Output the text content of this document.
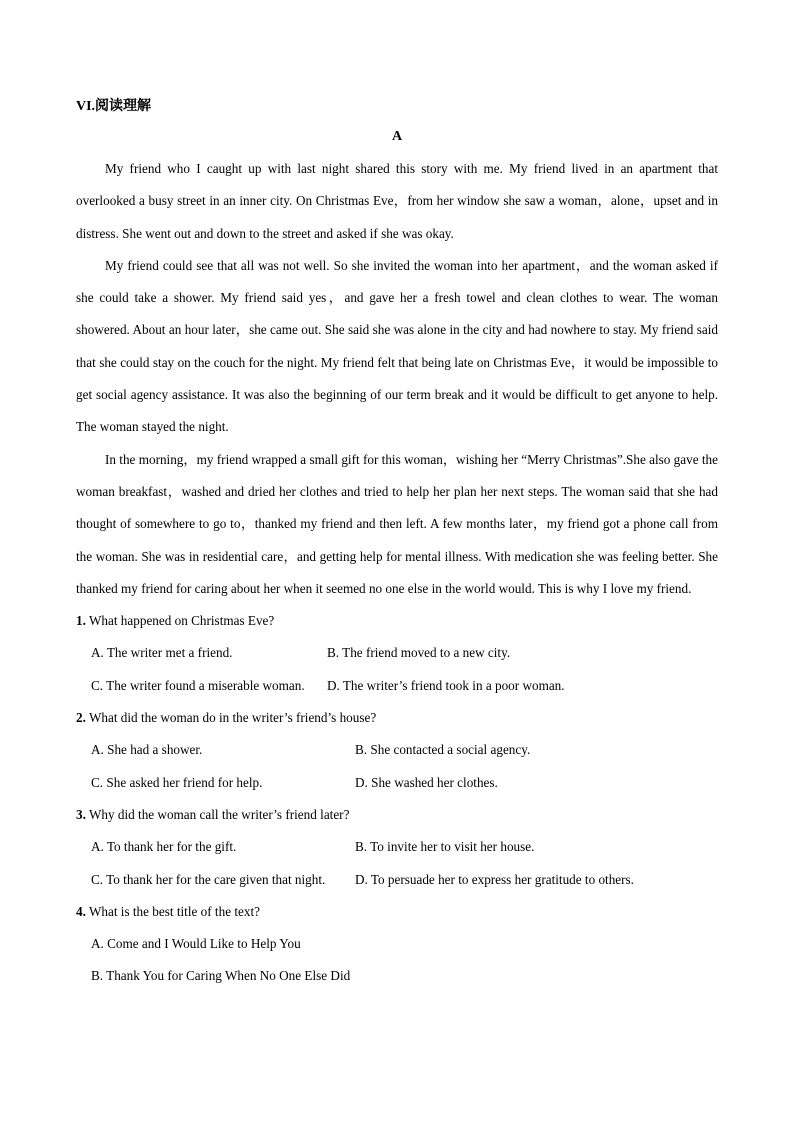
VI.阅读理解

A

My friend who I caught up with last night shared this story with me. My friend lived in an apartment that overlooked a busy street in an inner city. On Christmas Eve，from her window she saw a woman，alone，upset and in distress. She went out and down to the street and asked if she was okay.

My friend could see that all was not well. So she invited the woman into her apartment，and the woman asked if she could take a shower. My friend said yes，and gave her a fresh towel and clean clothes to wear. The woman showered. About an hour later，she came out. She said she was alone in the city and had nowhere to stay. My friend said that she could stay on the couch for the night. My friend felt that being late on Christmas Eve，it would be impossible to get social agency assistance. It was also the beginning of our term break and it would be difficult to get anyone to help. The woman stayed the night.

In the morning，my friend wrapped a small gift for this woman，wishing her “Merry Christmas”.She also gave the woman breakfast，washed and dried her clothes and tried to help her plan her next steps. The woman said that she had thought of somewhere to go to，thanked my friend and then left. A few months later，my friend got a phone call from the woman. She was in residential care，and getting help for mental illness. With medication she was feeling better. She thanked my friend for caring about her when it seemed no one else in the world would. This is why I love my friend.

1. What happened on Christmas Eve?

A. The writer met a friend.	B. The friend moved to a new city.
C. The writer found a miserable woman.	D. The writer’s friend took in a poor woman.

2. What did the woman do in the writer’s friend’s house?

A. She had a shower.	B. She contacted a social agency.
C. She asked her friend for help.	D. She washed her clothes.

3. Why did the woman call the writer’s friend later?

A. To thank her for the gift.	B. To invite her to visit her house.
C. To thank her for the care given that night.	D. To persuade her to express her gratitude to others.

4. What is the best title of the text?

A. Come and I Would Like to Help You
B. Thank You for Caring When No One Else Did
